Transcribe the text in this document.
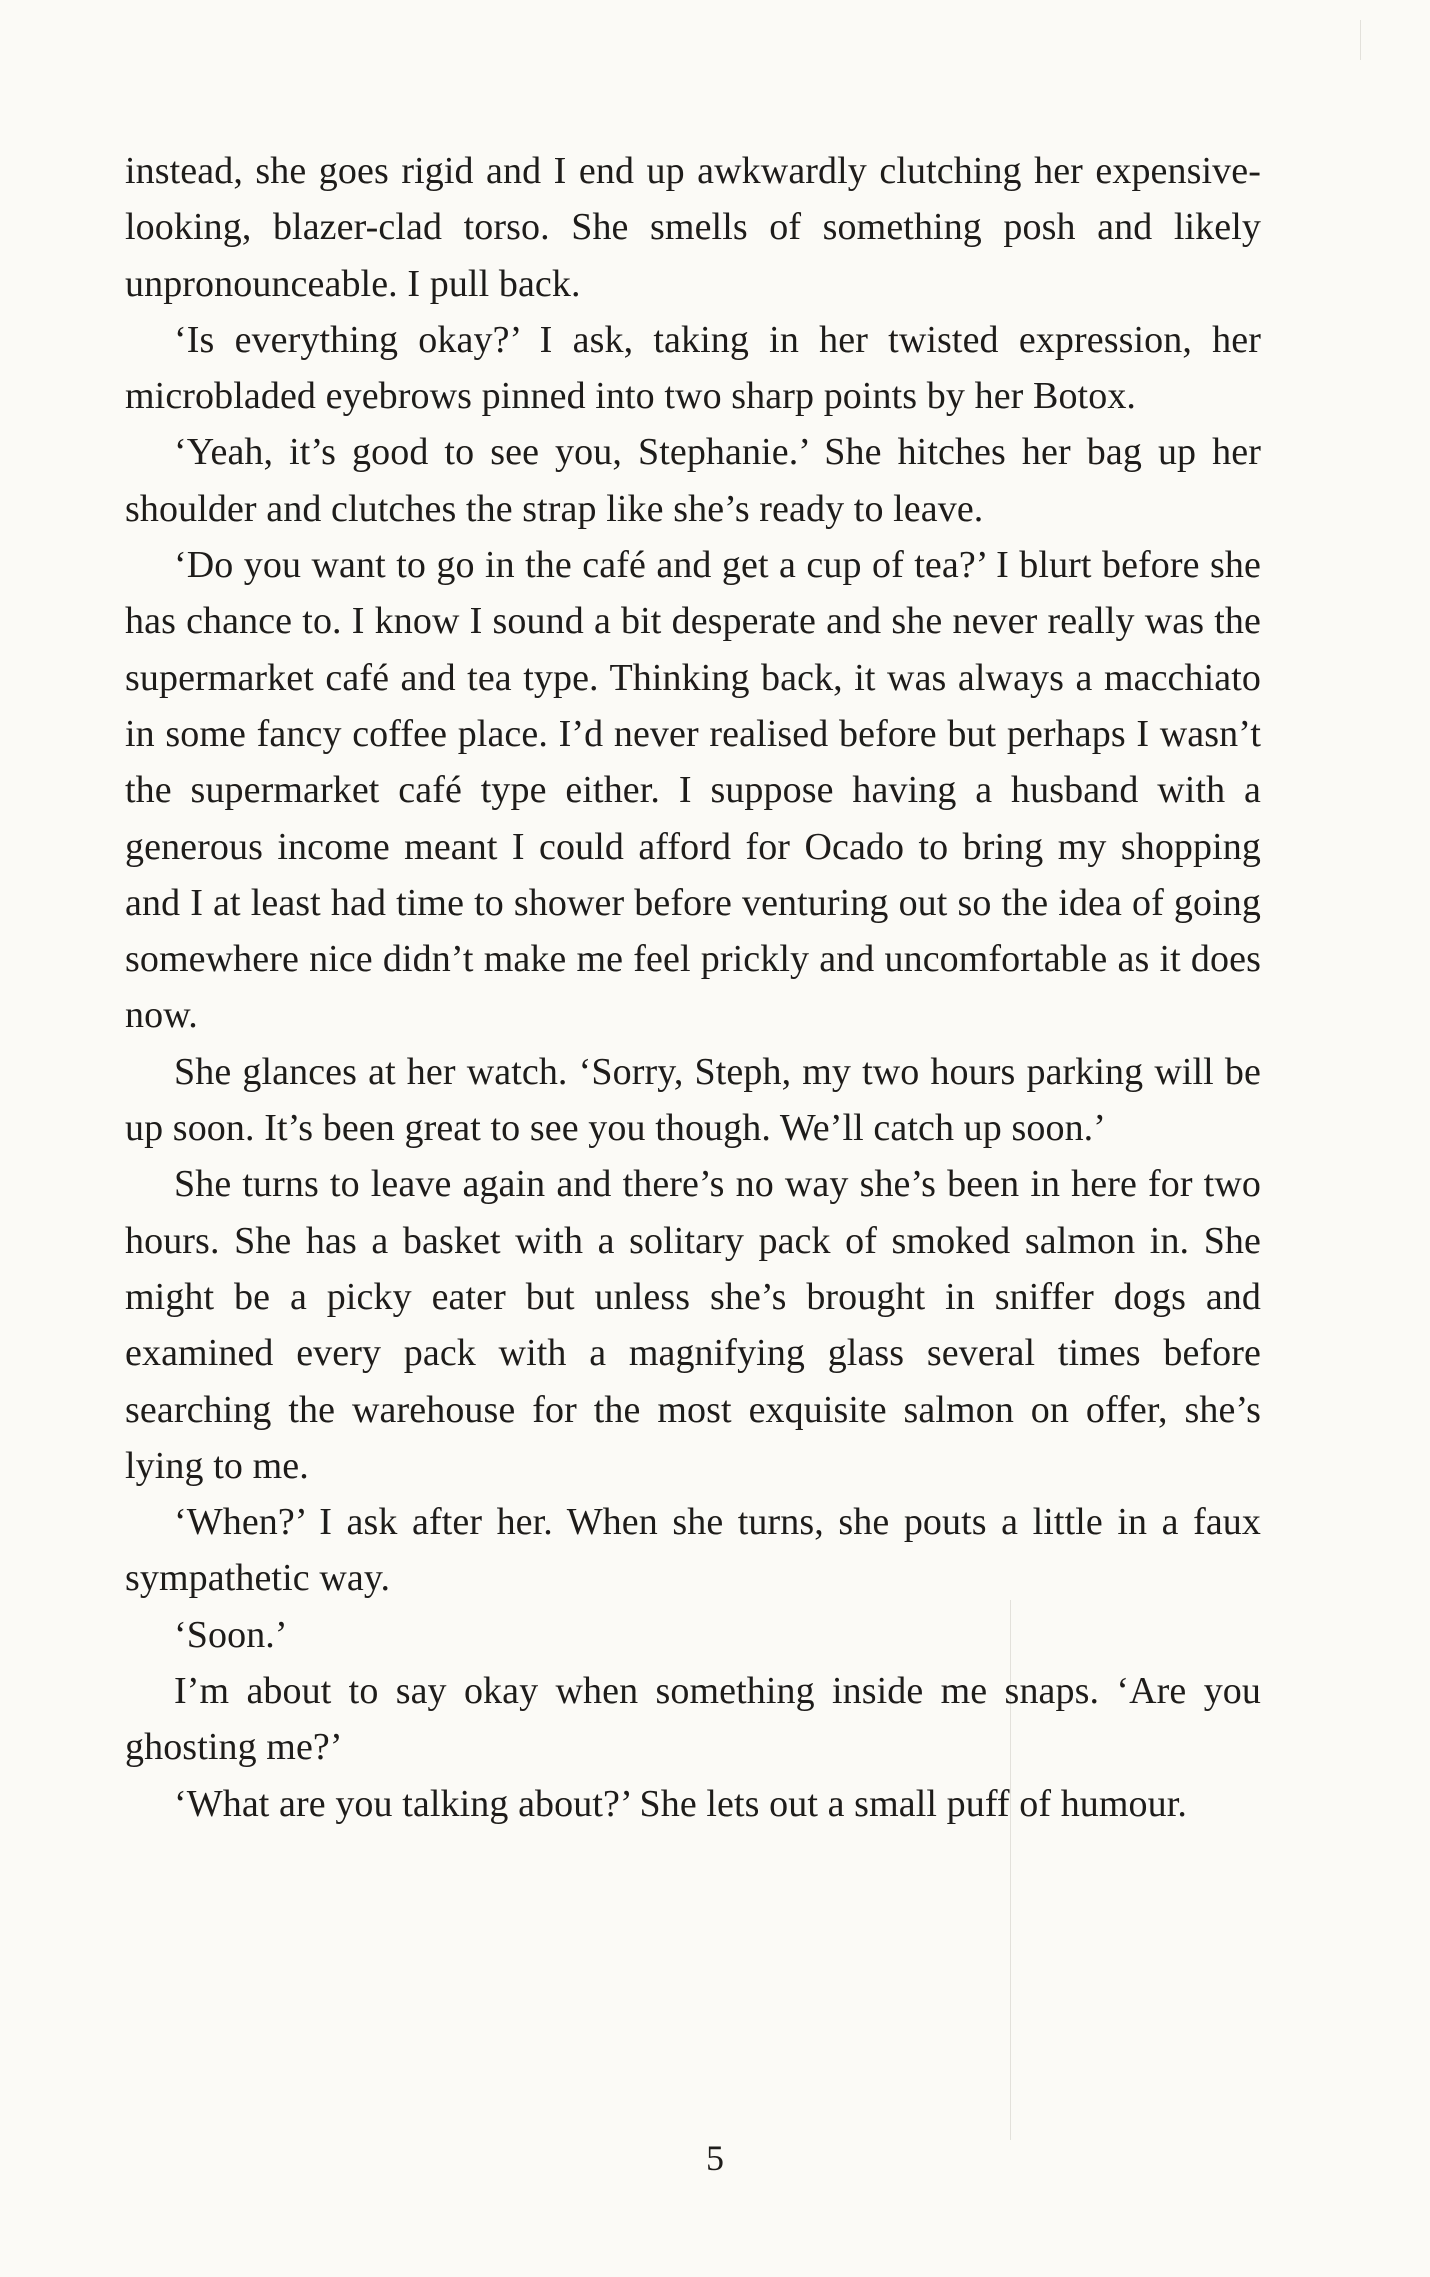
instead, she goes rigid and I end up awkwardly clutching her expensive-looking, blazer-clad torso. She smells of something posh and likely unpronounceable. I pull back.

‘Is everything okay?’ I ask, taking in her twisted expression, her microbladed eyebrows pinned into two sharp points by her Botox.

‘Yeah, it’s good to see you, Stephanie.’ She hitches her bag up her shoulder and clutches the strap like she’s ready to leave.

‘Do you want to go in the café and get a cup of tea?’ I blurt before she has chance to. I know I sound a bit desperate and she never really was the supermarket café and tea type. Thinking back, it was always a macchiato in some fancy coffee place. I’d never realised before but perhaps I wasn’t the supermarket café type either. I suppose having a husband with a generous income meant I could afford for Ocado to bring my shopping and I at least had time to shower before venturing out so the idea of going somewhere nice didn’t make me feel prickly and uncomfortable as it does now.

She glances at her watch. ‘Sorry, Steph, my two hours parking will be up soon. It’s been great to see you though. We’ll catch up soon.’

She turns to leave again and there’s no way she’s been in here for two hours. She has a basket with a solitary pack of smoked salmon in. She might be a picky eater but unless she’s brought in sniffer dogs and examined every pack with a magnifying glass several times before searching the warehouse for the most exquisite salmon on offer, she’s lying to me.

‘When?’ I ask after her. When she turns, she pouts a little in a faux sympathetic way.

‘Soon.’

I’m about to say okay when something inside me snaps. ‘Are you ghosting me?’

‘What are you talking about?’ She lets out a small puff of humour.

5
